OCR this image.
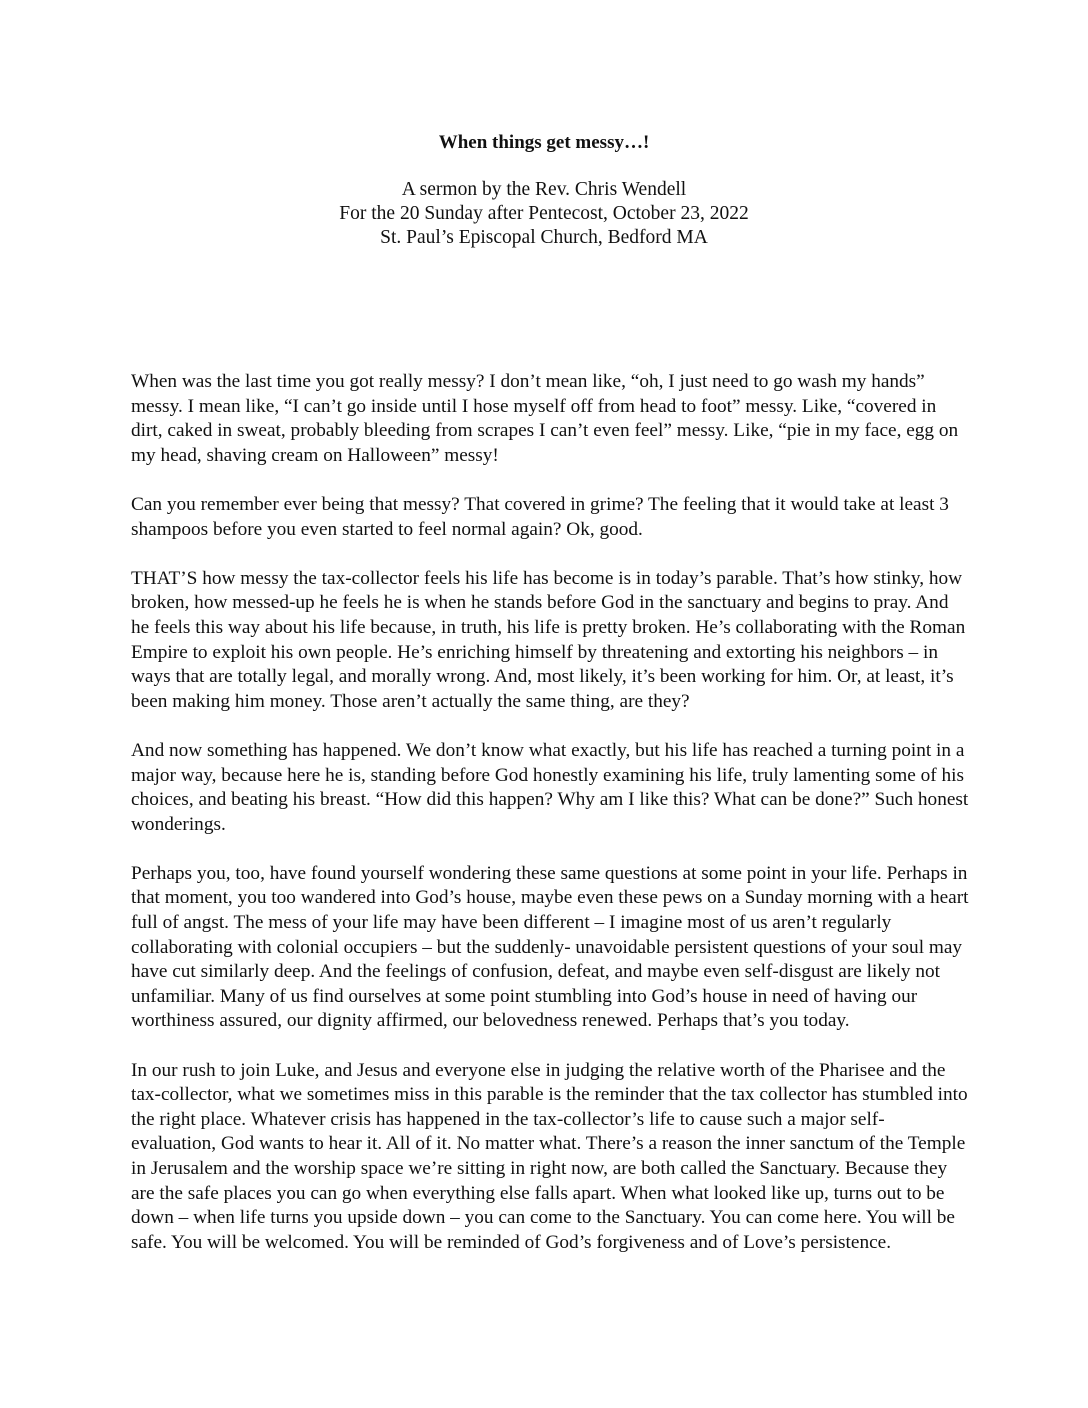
When things get messy…!
A sermon by the Rev. Chris Wendell
For the 20 Sunday after Pentecost, October 23, 2022
St. Paul’s Episcopal Church, Bedford MA

When was the last time you got really messy? I don’t mean like, “oh, I just need to go wash my hands” messy. I mean like, “I can’t go inside until I hose myself off from head to foot” messy. Like, “covered in dirt, caked in sweat, probably bleeding from scrapes I can’t even feel” messy. Like, “pie in my face, egg on my head, shaving cream on Halloween” messy!

Can you remember ever being that messy? That covered in grime? The feeling that it would take at least 3 shampoos before you even started to feel normal again? Ok, good.

THAT’S how messy the tax-collector feels his life has become is in today’s parable. That’s how stinky, how broken, how messed-up he feels he is when he stands before God in the sanctuary and begins to pray. And he feels this way about his life because, in truth, his life is pretty broken. He’s collaborating with the Roman Empire to exploit his own people. He’s enriching himself by threatening and extorting his neighbors – in ways that are totally legal, and morally wrong. And, most likely, it’s been working for him. Or, at least, it’s been making him money. Those aren’t actually the same thing, are they?

And now something has happened. We don’t know what exactly, but his life has reached a turning point in a major way, because here he is, standing before God honestly examining his life, truly lamenting some of his choices, and beating his breast. “How did this happen? Why am I like this? What can be done?” Such honest wonderings.

Perhaps you, too, have found yourself wondering these same questions at some point in your life. Perhaps in that moment, you too wandered into God’s house, maybe even these pews on a Sunday morning with a heart full of angst. The mess of your life may have been different – I imagine most of us aren’t regularly collaborating with colonial occupiers – but the suddenly- unavoidable persistent questions of your soul may have cut similarly deep. And the feelings of confusion, defeat, and maybe even self-disgust are likely not unfamiliar. Many of us find ourselves at some point stumbling into God’s house in need of having our worthiness assured, our dignity affirmed, our belovedness renewed. Perhaps that’s you today.

In our rush to join Luke, and Jesus and everyone else in judging the relative worth of the Pharisee and the tax-collector, what we sometimes miss in this parable is the reminder that the tax collector has stumbled into the right place. Whatever crisis has happened in the tax-collector’s life to cause such a major self-evaluation, God wants to hear it. All of it. No matter what. There’s a reason the inner sanctum of the Temple in Jerusalem and the worship space we’re sitting in right now, are both called the Sanctuary. Because they are the safe places you can go when everything else falls apart. When what looked like up, turns out to be down – when life turns you upside down – you can come to the Sanctuary. You can come here. You will be safe. You will be welcomed. You will be reminded of God’s forgiveness and of Love’s persistence.
